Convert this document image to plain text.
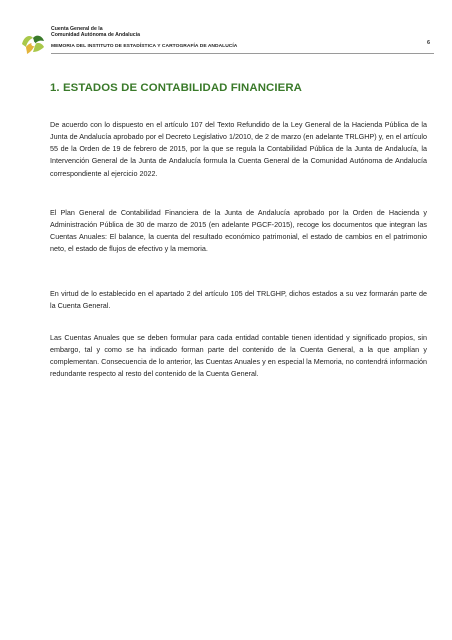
Cuenta General de la
Comunidad Autónoma de Andalucía
MEMORIA DEL INSTITUTO DE ESTADÍSTICA Y CARTOGRAFÍA DE ANDALUCÍA
6
1. ESTADOS DE CONTABILIDAD FINANCIERA

De acuerdo con lo dispuesto en el artículo 107 del Texto Refundido de la Ley General de la Hacienda Pública de la Junta de Andalucía aprobado por el Decreto Legislativo 1/2010, de 2 de marzo (en adelante TRLGHP) y, en el artículo 55 de la Orden de 19 de febrero de 2015, por la que se regula la Contabilidad Pública de la Junta de Andalucía, la Intervención General de la Junta de Andalucía formula la Cuenta General de la Comunidad Autónoma de Andalucía correspondiente al ejercicio 2022.

El Plan General de Contabilidad Financiera de la Junta de Andalucía aprobado por la Orden de Hacienda y Administración Pública de 30 de marzo de 2015 (en adelante PGCF-2015), recoge los documentos que integran las Cuentas Anuales: El balance, la cuenta del resultado económico patrimonial, el estado de cambios en el patrimonio neto, el estado de flujos de efectivo y la memoria.

En virtud de lo establecido en el apartado 2 del artículo 105 del TRLGHP, dichos estados a su vez formarán parte de la Cuenta General.

Las Cuentas Anuales que se deben formular para cada entidad contable tienen identidad y significado propios, sin embargo, tal y como se ha indicado forman parte del contenido de la Cuenta General, a la que amplían y complementan. Consecuencia de lo anterior, las Cuentas Anuales y en especial la Memoria, no contendrá información redundante respecto al resto del contenido de la Cuenta General.
